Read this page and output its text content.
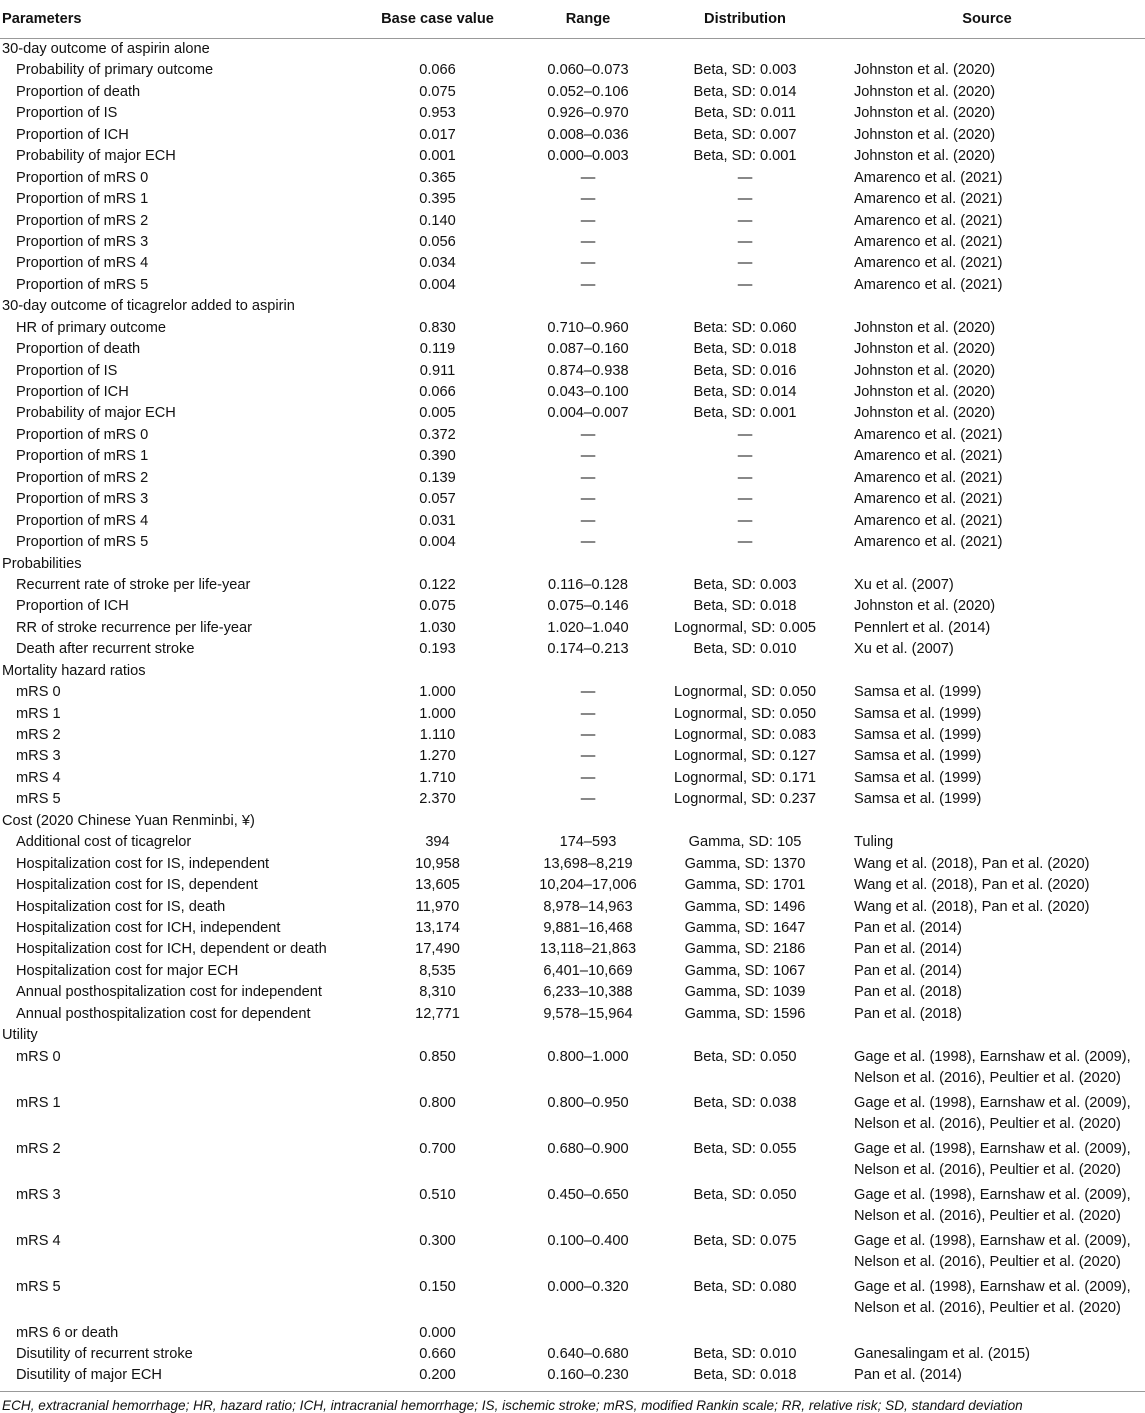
Parameters	Base case value	Range	Distribution	Source
30-day outcome of aspirin alone				
Probability of primary outcome	0.066	0.060–0.073	Beta, SD: 0.003	Johnston et al. (2020)
Proportion of death	0.075	0.052–0.106	Beta, SD: 0.014	Johnston et al. (2020)
Proportion of IS	0.953	0.926–0.970	Beta, SD: 0.011	Johnston et al. (2020)
Proportion of ICH	0.017	0.008–0.036	Beta, SD: 0.007	Johnston et al. (2020)
Probability of major ECH	0.001	0.000–0.003	Beta, SD: 0.001	Johnston et al. (2020)
Proportion of mRS 0	0.365	—	—	Amarenco et al. (2021)
Proportion of mRS 1	0.395	—	—	Amarenco et al. (2021)
Proportion of mRS 2	0.140	—	—	Amarenco et al. (2021)
Proportion of mRS 3	0.056	—	—	Amarenco et al. (2021)
Proportion of mRS 4	0.034	—	—	Amarenco et al. (2021)
Proportion of mRS 5	0.004	—	—	Amarenco et al. (2021)
30-day outcome of ticagrelor added to aspirin				
HR of primary outcome	0.830	0.710–0.960	Beta: SD: 0.060	Johnston et al. (2020)
Proportion of death	0.119	0.087–0.160	Beta, SD: 0.018	Johnston et al. (2020)
Proportion of IS	0.911	0.874–0.938	Beta, SD: 0.016	Johnston et al. (2020)
Proportion of ICH	0.066	0.043–0.100	Beta, SD: 0.014	Johnston et al. (2020)
Probability of major ECH	0.005	0.004–0.007	Beta, SD: 0.001	Johnston et al. (2020)
Proportion of mRS 0	0.372	—	—	Amarenco et al. (2021)
Proportion of mRS 1	0.390	—	—	Amarenco et al. (2021)
Proportion of mRS 2	0.139	—	—	Amarenco et al. (2021)
Proportion of mRS 3	0.057	—	—	Amarenco et al. (2021)
Proportion of mRS 4	0.031	—	—	Amarenco et al. (2021)
Proportion of mRS 5	0.004	—	—	Amarenco et al. (2021)
Probabilities				
Recurrent rate of stroke per life-year	0.122	0.116–0.128	Beta, SD: 0.003	Xu et al. (2007)
Proportion of ICH	0.075	0.075–0.146	Beta, SD: 0.018	Johnston et al. (2020)
RR of stroke recurrence per life-year	1.030	1.020–1.040	Lognormal, SD: 0.005	Pennlert et al. (2014)
Death after recurrent stroke	0.193	0.174–0.213	Beta, SD: 0.010	Xu et al. (2007)
Mortality hazard ratios				
mRS 0	1.000	—	Lognormal, SD: 0.050	Samsa et al. (1999)
mRS 1	1.000	—	Lognormal, SD: 0.050	Samsa et al. (1999)
mRS 2	1.110	—	Lognormal, SD: 0.083	Samsa et al. (1999)
mRS 3	1.270	—	Lognormal, SD: 0.127	Samsa et al. (1999)
mRS 4	1.710	—	Lognormal, SD: 0.171	Samsa et al. (1999)
mRS 5	2.370	—	Lognormal, SD: 0.237	Samsa et al. (1999)
Cost (2020 Chinese Yuan Renminbi, ¥)				
Additional cost of ticagrelor	394	174–593	Gamma, SD: 105	Tuling
Hospitalization cost for IS, independent	10,958	13,698–8,219	Gamma, SD: 1370	Wang et al. (2018), Pan et al. (2020)
Hospitalization cost for IS, dependent	13,605	10,204–17,006	Gamma, SD: 1701	Wang et al. (2018), Pan et al. (2020)
Hospitalization cost for IS, death	11,970	8,978–14,963	Gamma, SD: 1496	Wang et al. (2018), Pan et al. (2020)
Hospitalization cost for ICH, independent	13,174	9,881–16,468	Gamma, SD: 1647	Pan et al. (2014)
Hospitalization cost for ICH, dependent or death	17,490	13,118–21,863	Gamma, SD: 2186	Pan et al. (2014)
Hospitalization cost for major ECH	8,535	6,401–10,669	Gamma, SD: 1067	Pan et al. (2014)
Annual posthospitalization cost for independent	8,310	6,233–10,388	Gamma, SD: 1039	Pan et al. (2018)
Annual posthospitalization cost for dependent	12,771	9,578–15,964	Gamma, SD: 1596	Pan et al. (2018)
Utility				
mRS 0	0.850	0.800–1.000	Beta, SD: 0.050	Gage et al. (1998), Earnshaw et al. (2009),
Nelson et al. (2016), Peultier et al. (2020)

mRS 1	0.800	0.800–0.950	Beta, SD: 0.038	Gage et al. (1998), Earnshaw et al. (2009),
Nelson et al. (2016), Peultier et al. (2020)

mRS 2	0.700	0.680–0.900	Beta, SD: 0.055	Gage et al. (1998), Earnshaw et al. (2009),
Nelson et al. (2016), Peultier et al. (2020)

mRS 3	0.510	0.450–0.650	Beta, SD: 0.050	Gage et al. (1998), Earnshaw et al. (2009),
Nelson et al. (2016), Peultier et al. (2020)

mRS 4	0.300	0.100–0.400	Beta, SD: 0.075	Gage et al. (1998), Earnshaw et al. (2009),
Nelson et al. (2016), Peultier et al. (2020)

mRS 5	0.150	0.000–0.320	Beta, SD: 0.080	Gage et al. (1998), Earnshaw et al. (2009),
Nelson et al. (2016), Peultier et al. (2020)

mRS 6 or death	0.000			
Disutility of recurrent stroke	0.660	0.640–0.680	Beta, SD: 0.010	Ganesalingam et al. (2015)
Disutility of major ECH	0.200	0.160–0.230	Beta, SD: 0.018	Pan et al. (2014)
ECH, extracranial hemorrhage; HR, hazard ratio; ICH, intracranial hemorrhage; IS, ischemic stroke; mRS, modified Rankin scale; RR, relative risk; SD, standard deviation
